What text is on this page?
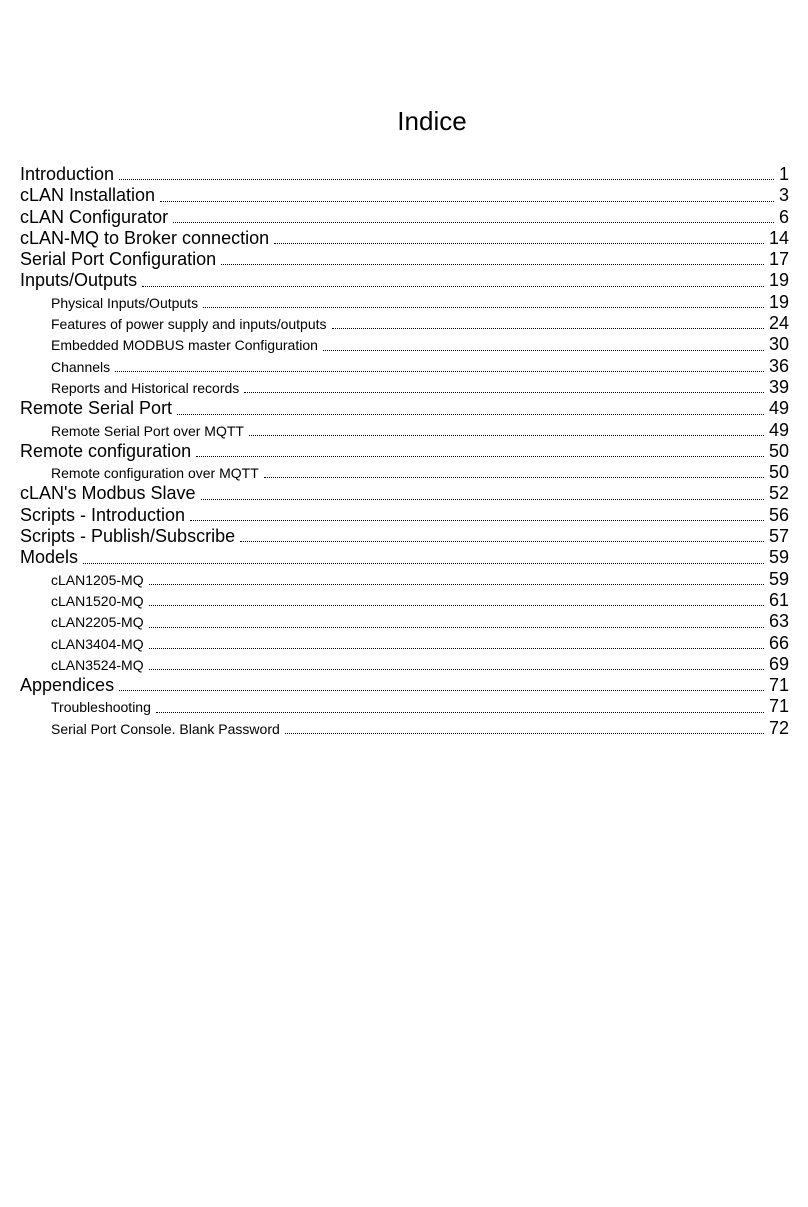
Indice
Introduction	1
cLAN Installation	3
cLAN Configurator	6
cLAN-MQ to Broker connection	14
Serial Port Configuration	17
Inputs/Outputs	19
Physical Inputs/Outputs	19
Features of power supply and inputs/outputs	24
Embedded MODBUS master Configuration	30
Channels	36
Reports and Historical records	39
Remote Serial Port	49
Remote Serial Port over MQTT	49
Remote configuration	50
Remote configuration over MQTT	50
cLAN's Modbus Slave	52
Scripts - Introduction	56
Scripts - Publish/Subscribe	57
Models	59
cLAN1205-MQ	59
cLAN1520-MQ	61
cLAN2205-MQ	63
cLAN3404-MQ	66
cLAN3524-MQ	69
Appendices	71
Troubleshooting	71
Serial Port Console. Blank Password	72
